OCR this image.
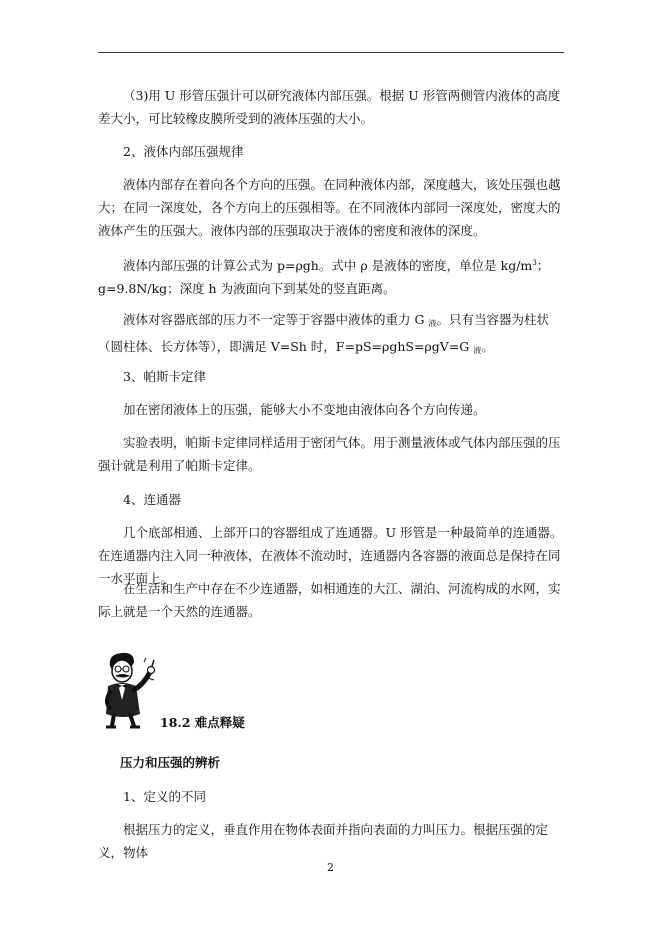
（3)用 U 形管压强计可以研究液体内部压强。根据 U 形管两侧管内液体的高度差大小，可比较橡皮膜所受到的液体压强的大小。

2、液体内部压强规律

液体内部存在着向各个方向的压强。在同种液体内部，深度越大，该处压强也越大；在同一深度处，各个方向上的压强相等。在不同液体内部同一深度处，密度大的液体产生的压强大。液体内部的压强取决于液体的密度和液体的深度。

液体内部压强的计算公式为 p=ρgh。式中 ρ 是液体的密度，单位是 $kg/m^3$；g=9.8N/kg；深度 h 为液面向下到某处的竖直距离。

液体对容器底部的压力不一定等于容器中液体的重力 G $_液$。只有当容器为柱状（圆柱体、长方体等），即满足 V=Sh 时，F=pS=ρghS=ρgV=G $_液$。

3、帕斯卡定律

加在密闭液体上的压强，能够大小不变地由液体向各个方向传递。

实验表明，帕斯卡定律同样适用于密闭气体。用于测量液体或气体内部压强的压强计就是利用了帕斯卡定律。

4、连通器

几个底部相通、上部开口的容器组成了连通器。U 形管是一种最简单的连通器。在连通器内注入同一种液体，在液体不流动时，连通器内各容器的液面总是保持在同一水平面上。

在生活和生产中存在不少连通器，如相通连的大江、湖泊、河流构成的水网，实际上就是一个天然的连通器。

18.2 难点释疑

压力和压强的辨析

1、定义的不同

根据压力的定义，垂直作用在物体表面并指向表面的力叫压力。根据压强的定义，物体

2
